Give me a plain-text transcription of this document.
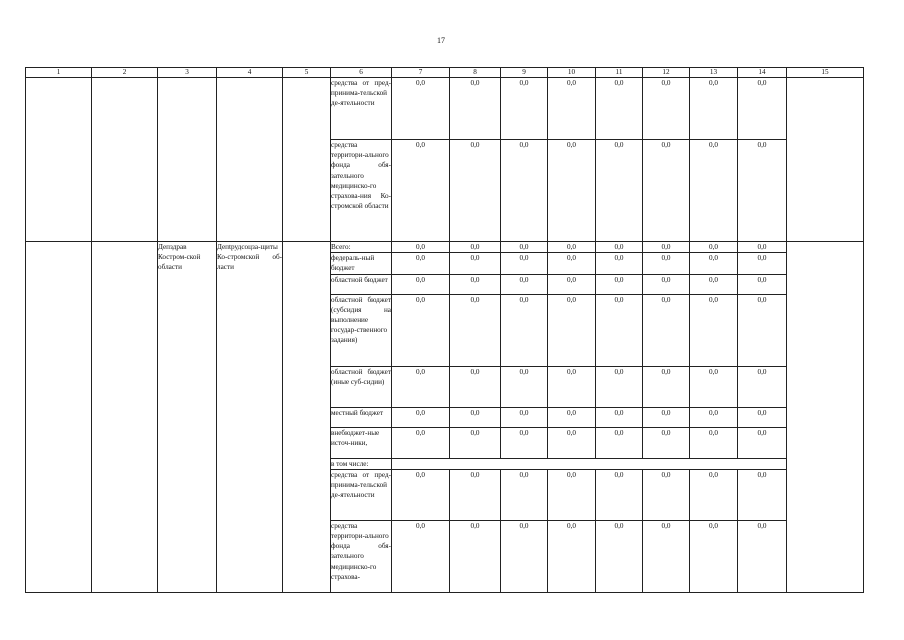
17
1	2	3	4	5	6	7	8	9	10	11	12	13	14	15
					средства от пред-принима-тельской де-ятельности	0,0	0,0	0,0	0,0	0,0	0,0	0,0	0,0	
					средства территори-ального фонда обя-зательного медицинско-го страхова-ния Ко-стромской области	0,0	0,0	0,0	0,0	0,0	0,0	0,0	0,0	
		Депздрав Костром-ской области	Депtрудсоцза-щиты Ко-стромской об-ласти		Всего:	0,0	0,0	0,0	0,0	0,0	0,0	0,0	0,0	
					федераль-ный бюджет	0,0	0,0	0,0	0,0	0,0	0,0	0,0	0,0	
					областной бюджет	0,0	0,0	0,0	0,0	0,0	0,0	0,0	0,0	
					областной бюджет (субсидия на выполнение государ-ственного задания)	0,0	0,0	0,0	0,0	0,0	0,0	0,0	0,0	
					областной бюджет (иные суб-сидии)	0,0	0,0	0,0	0,0	0,0	0,0	0,0	0,0	
					местный бюджет	0,0	0,0	0,0	0,0	0,0	0,0	0,0	0,0	
					внебюджет-ные источ-ники,	0,0	0,0	0,0	0,0	0,0	0,0	0,0	0,0	
					в том числе:									
					средства от пред-принима-тельской де-ятельности	0,0	0,0	0,0	0,0	0,0	0,0	0,0	0,0	
					средства территори-ального фонда обя-зательного медицинско-го страхова-	0,0	0,0	0,0	0,0	0,0	0,0	0,0	0,0	
